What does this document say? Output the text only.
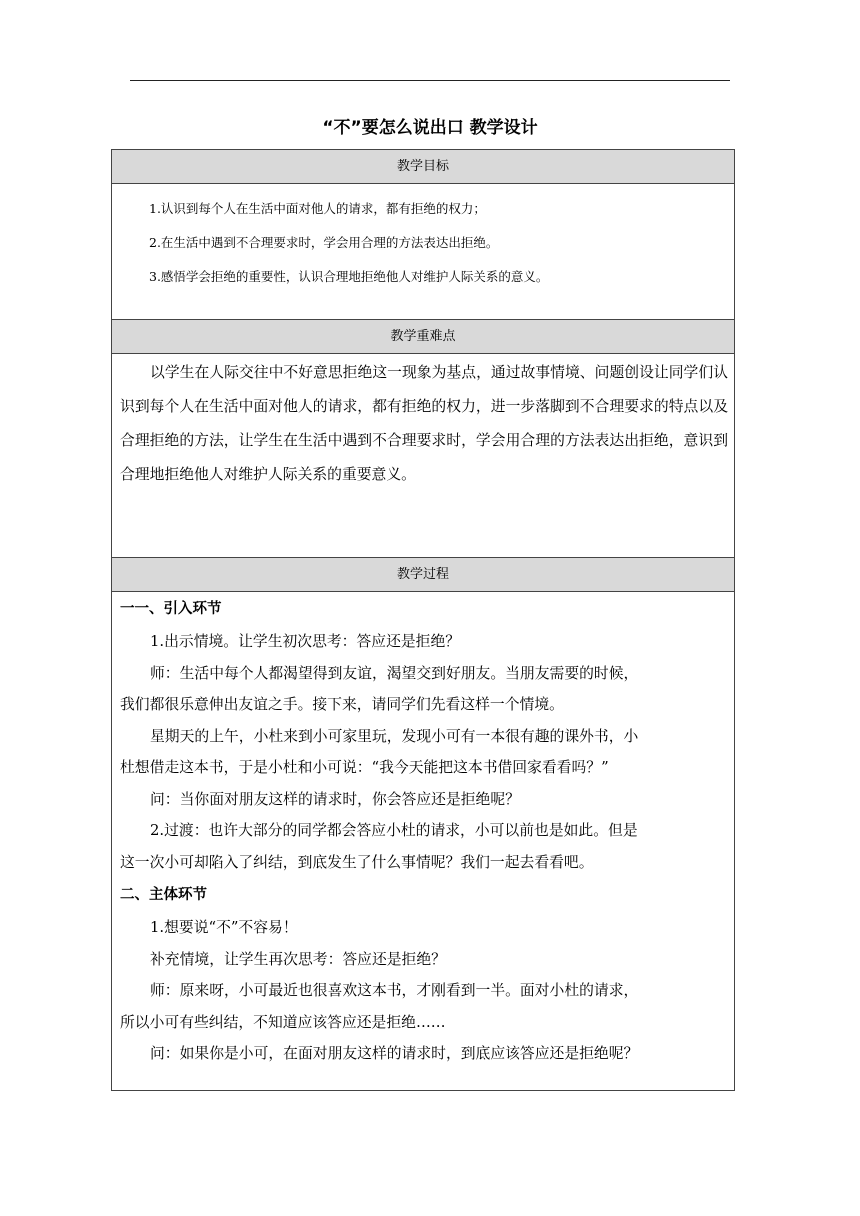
“不”要怎么说出口 教学设计
教学目标
1.认识到每个人在生活中面对他人的请求，都有拒绝的权力；
2.在生活中遇到不合理要求时，学会用合理的方法表达出拒绝。
3.感悟学会拒绝的重要性，认识合理地拒绝他人对维护人际关系的意义。
教学重难点
以学生在人际交往中不好意思拒绝这一现象为基点，通过故事情境、问题创设让同学们认识到每个人在生活中面对他人的请求，都有拒绝的权力，进一步落脚到不合理要求的特点以及合理拒绝的方法，让学生在生活中遇到不合理要求时，学会用合理的方法表达出拒绝，意识到合理地拒绝他人对维护人际关系的重要意义。
教学过程
一一、引入环节
1.出示情境。让学生初次思考：答应还是拒绝？
师：生活中每个人都渴望得到友谊，渴望交到好朋友。当朋友需要的时候，
我们都很乐意伸出友谊之手。接下来，请同学们先看这样一个情境。
星期天的上午，小杜来到小可家里玩，发现小可有一本很有趣的课外书，小
杜想借走这本书，于是小杜和小可说：“我今天能把这本书借回家看看吗？”
问：当你面对朋友这样的请求时，你会答应还是拒绝呢？
2.过渡：也许大部分的同学都会答应小杜的请求，小可以前也是如此。但是
这一次小可却陷入了纠结，到底发生了什么事情呢？我们一起去看看吧。
二、主体环节
1.想要说“不”不容易！
补充情境，让学生再次思考：答应还是拒绝？
师：原来呀，小可最近也很喜欢这本书，才刚看到一半。面对小杜的请求，
所以小可有些纠结，不知道应该答应还是拒绝……
问：如果你是小可，在面对朋友这样的请求时，到底应该答应还是拒绝呢？
